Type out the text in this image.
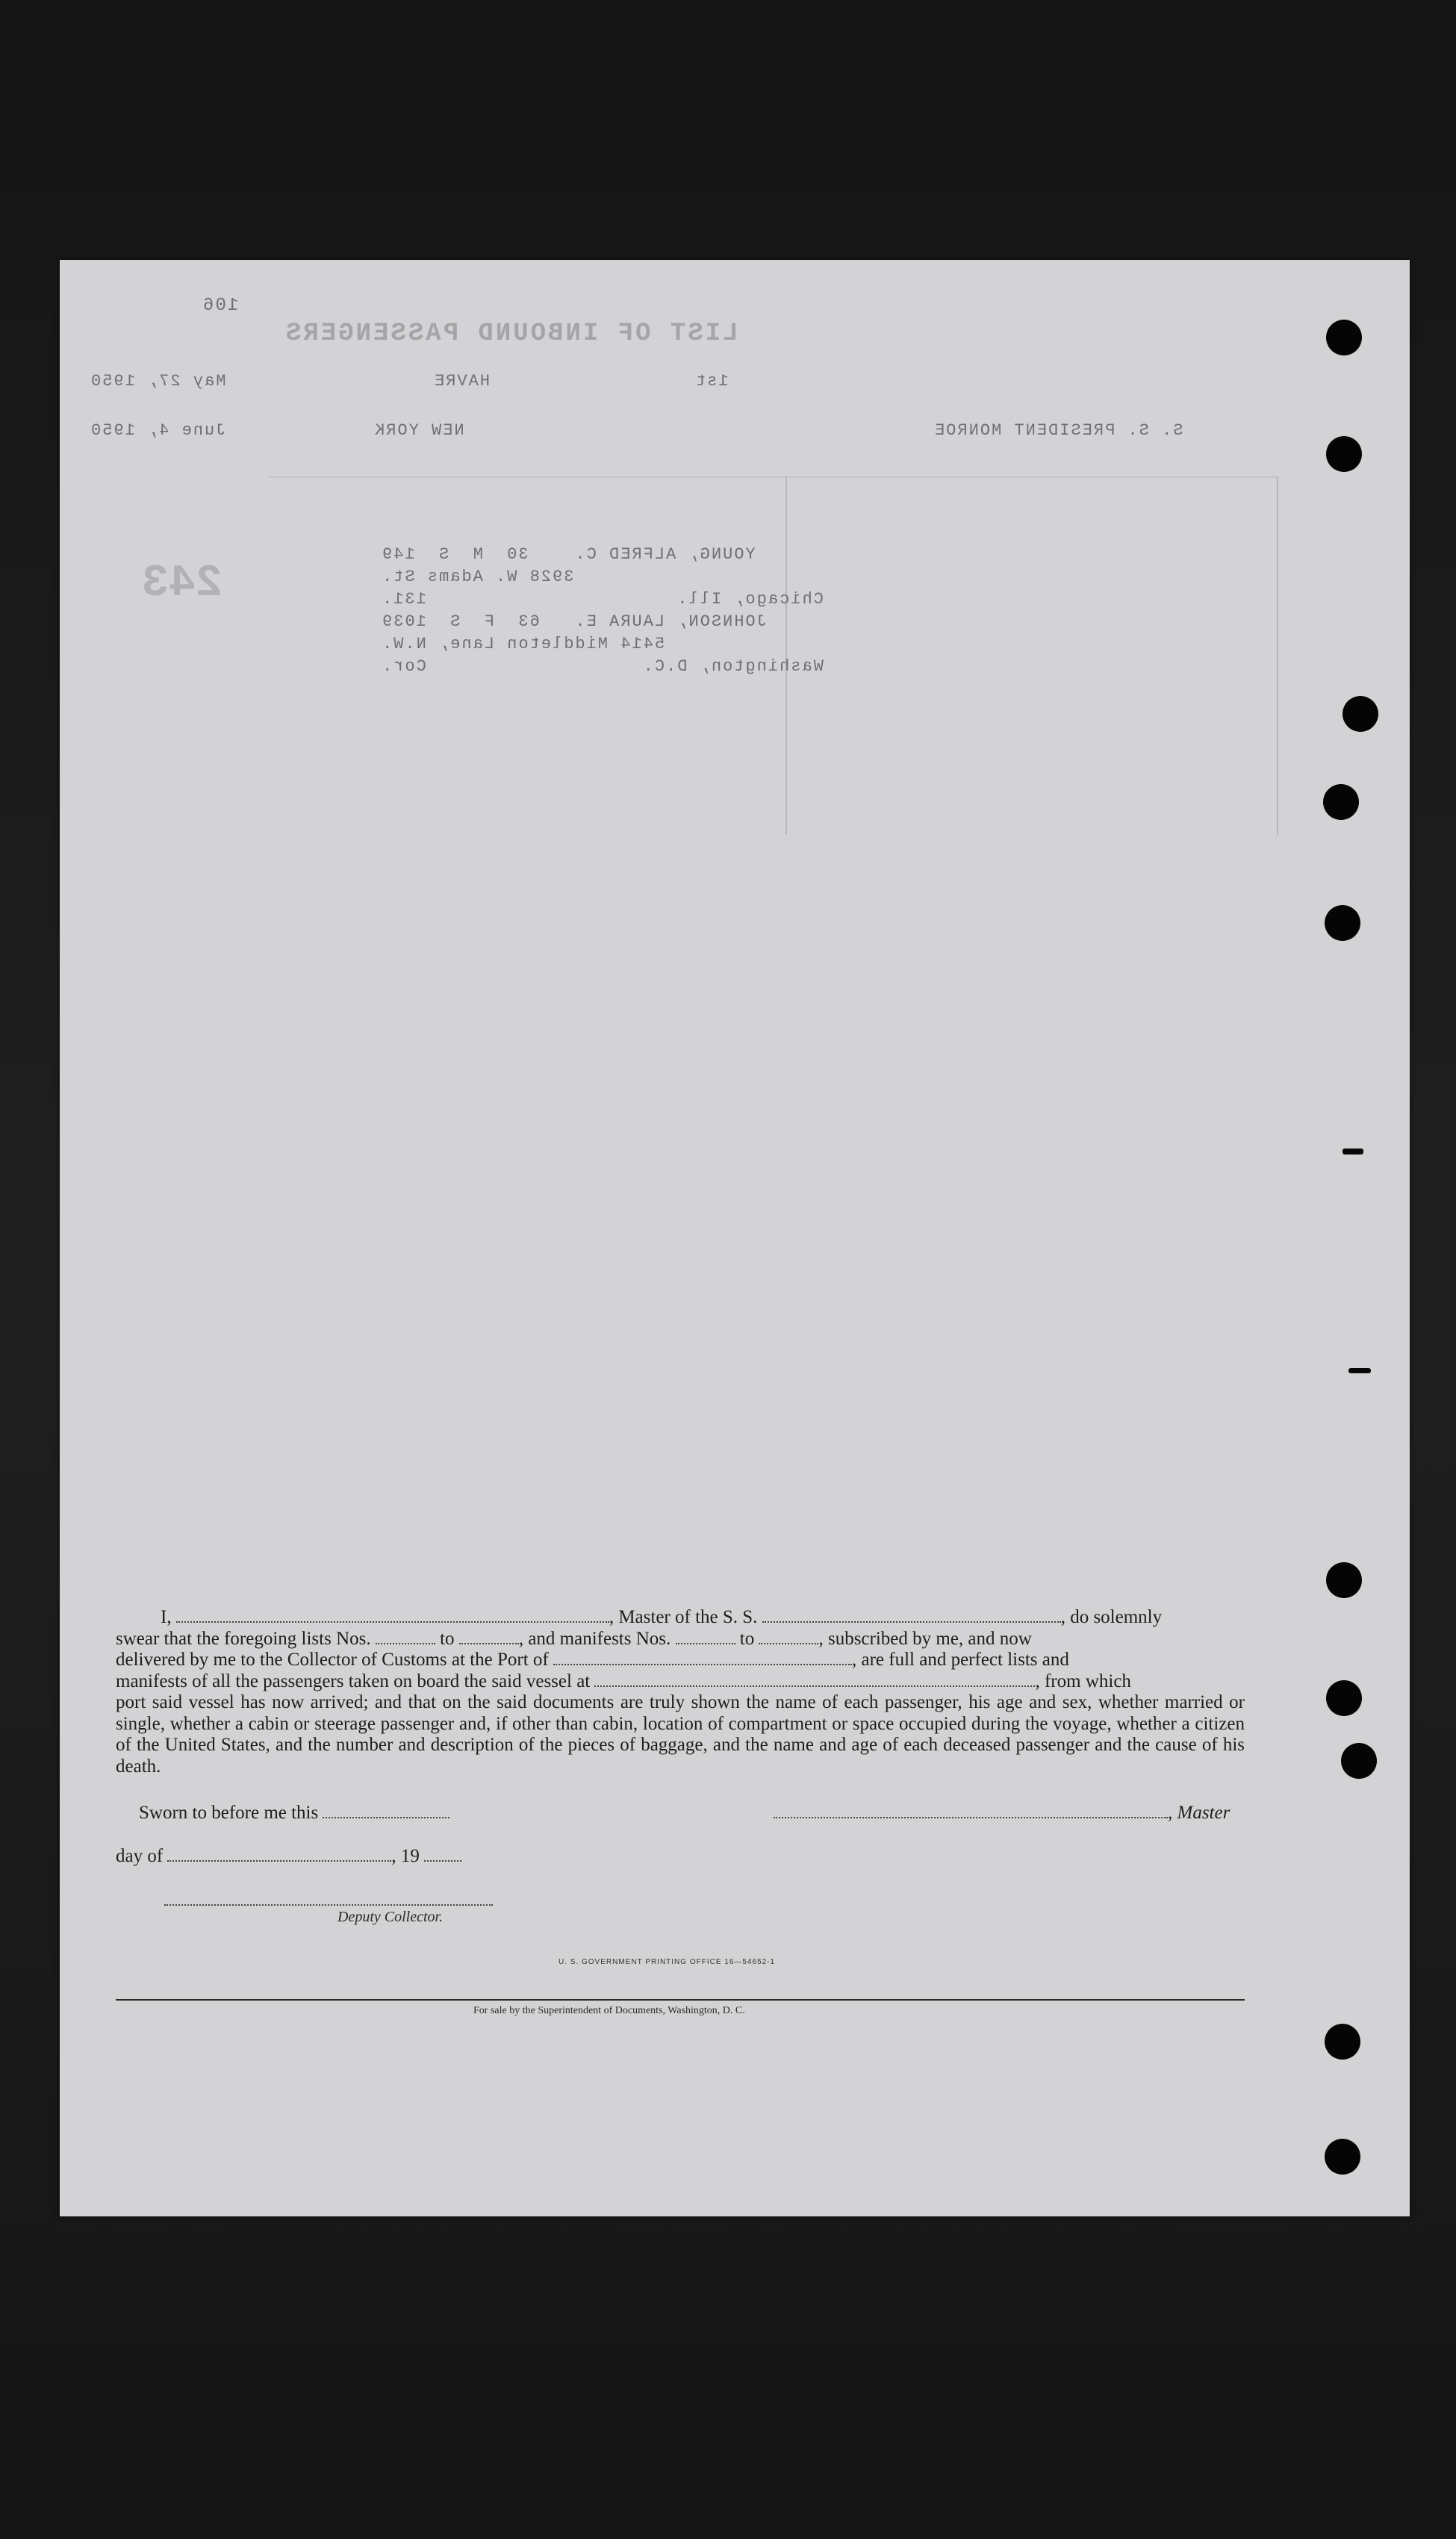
106
LIST OF INBOUND PASSENGERS
1st
HAVRE
May 27, 1950
NEW YORK
June 4, 1950	S. S. PRESIDENT MONROE
YOUNG, ALFRED C.    30  M  S  149
3928 W. Adams St.
Chicago, Ill.                      131.
JOHNSON, LAURA E.   63  F  S  1039
5414 Middleton Lane, N.W.
Washington, D.C.                   Cor.
243

I,	, Master of the S. S.	, do solemnly

swear that the foregoing lists Nos.	to	, and manifests Nos.	to	, subscribed by me, and now

delivered by me to the Collector of Customs at the Port of	, are full and perfect lists and

manifests of all the passengers taken on board the said vessel at	, from which

port said vessel has now arrived; and that on the said documents are truly shown the name of each passenger, his age and sex, whether married or single, whether a cabin or steerage passenger and, if other than cabin, location of compartment or space occupied during the voyage, whether a citizen of the United States, and the number and description of the pieces of baggage, and the name and age of each deceased passenger and the cause of his death.

Sworn to before me this	, Master
day of	, 19
Deputy Collector.
U. S. GOVERNMENT PRINTING OFFICE 16—54652-1
For sale by the Superintendent of Documents, Washington, D. C.
